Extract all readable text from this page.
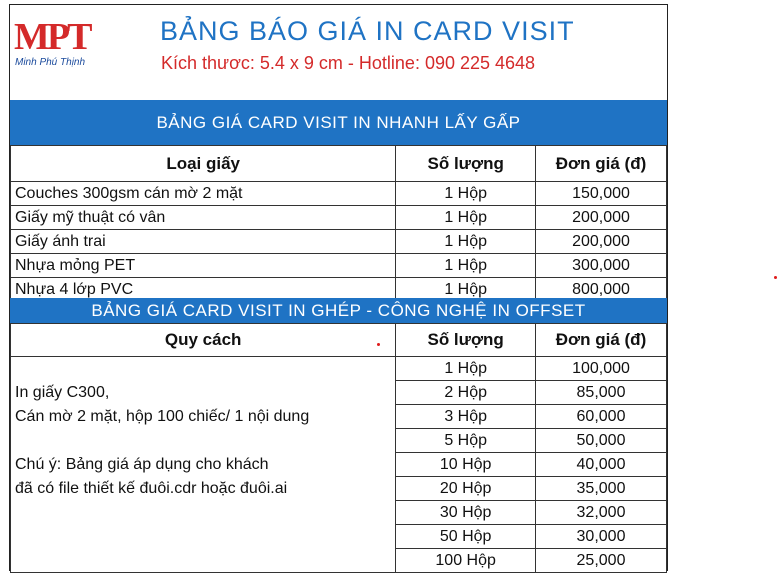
MPT
Minh Phú Thịnh
BẢNG BÁO GIÁ IN CARD VISIT
Kích thươc: 5.4 x 9 cm - Hotline: 090 225 4648
BẢNG GIÁ CARD VISIT IN NHANH LẤY GẤP
Loại giấy	Số lượng	Đơn giá (đ)
Couches 300gsm cán mờ 2 mặt	1 Hộp	150,000
Giấy mỹ thuật có vân	1 Hộp	200,000
Giấy ánh trai	1 Hộp	200,000
Nhựa mỏng PET	1 Hộp	300,000
Nhựa 4 lớp PVC	1 Hộp	800,000
BẢNG GIÁ CARD VISIT IN GHÉP - CÔNG NGHỆ IN OFFSET
Quy cách	Số lượng	Đơn giá (đ)
	1 Hộp	100,000
In giấy C300,	2 Hộp	85,000
Cán mờ 2 mặt, hộp 100 chiếc/ 1 nội dung	3 Hộp	60,000
	5 Hộp	50,000
Chú ý: Bảng giá áp dụng cho khách	10 Hộp	40,000
đã có file thiết kế đuôi.cdr hoặc đuôi.ai	20 Hộp	35,000
	30 Hộp	32,000
	50 Hộp	30,000
	100 Hộp	25,000
